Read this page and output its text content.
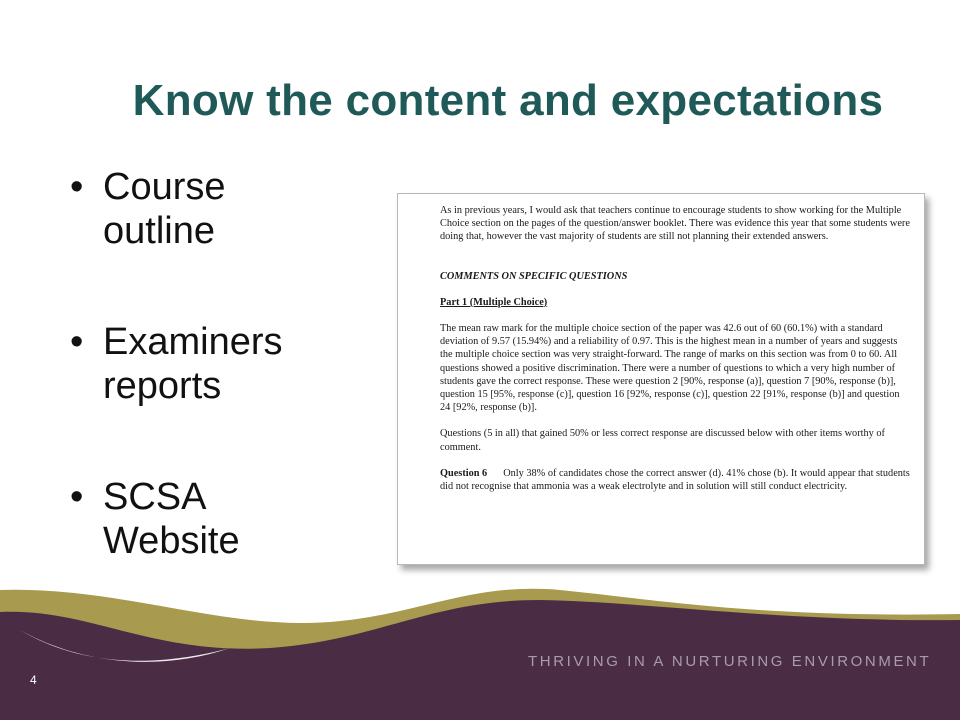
Know the content and expectations
• Course outline
• Examiners reports
• SCSA Website

As in previous years, I would ask that teachers continue to encourage students to show working for the Multiple Choice section on the pages of the question/answer booklet. There was evidence this year that some students were doing that, however the vast majority of students are still not planning their extended answers.

COMMENTS ON SPECIFIC QUESTIONS

Part 1 (Multiple Choice)

The mean raw mark for the multiple choice section of the paper was 42.6 out of 60 (60.1%) with a standard deviation of 9.57 (15.94%) and a reliability of 0.97. This is the highest mean in a number of years and suggests the multiple choice section was very straight-forward. The range of marks on this section was from 0 to 60. All questions showed a positive discrimination. There were a number of questions to which a very high number of students gave the correct response. These were question 2 [90%, response (a)], question 7 [90%, response (b)], question 15 [95%, response (c)], question 16 [92%, response (c)], question 22 [91%, response (b)] and question 24 [92%, response (b)].

Questions (5 in all) that gained 50% or less correct response are discussed below with other items worthy of comment.

Question 6 Only 38% of candidates chose the correct answer (d). 41% chose (b). It would appear that students did not recognise that ammonia was a weak electrolyte and in solution will still conduct electricity.

THRIVING IN A NURTURING ENVIRONMENT
4
